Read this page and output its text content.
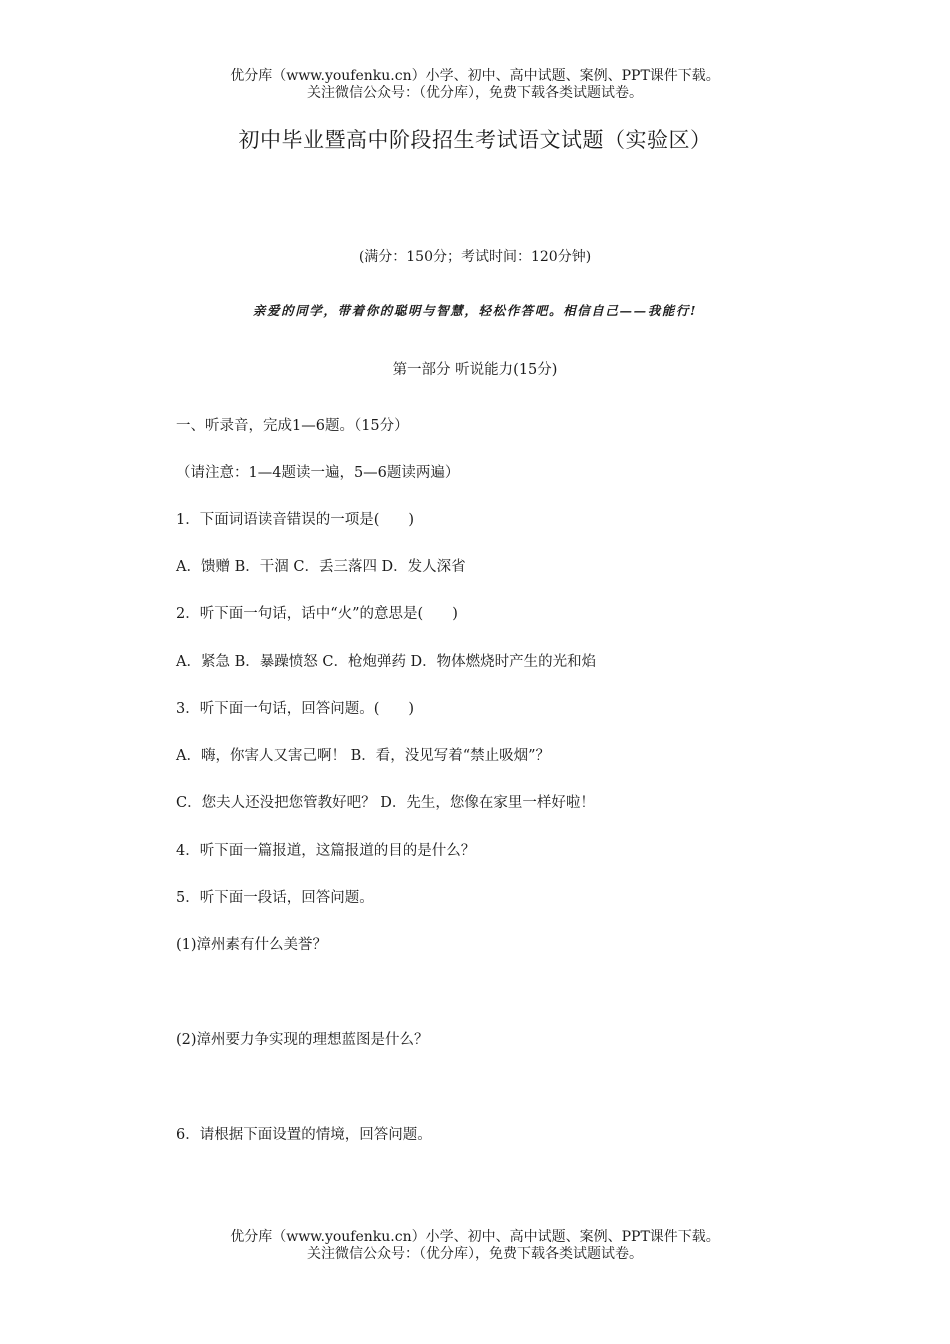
优分库（www.youfenku.cn）小学、初中、高中试题、案例、PPT课件下载。
关注微信公众号：（优分库），免费下载各类试题试卷。
初中毕业暨高中阶段招生考试语文试题（实验区）
(满分：150分；考试时间：120分钟)
亲爱的同学，带着你的聪明与智慧，轻松作答吧。相信自己——我能行!
第一部分 听说能力(15分)
一、听录音，完成1—6题。（15分）
（请注意：1—4题读一遍，5—6题读两遍）
1．下面词语读音错误的一项是(　　)
A．馈赠 B．干涸 C．丢三落四 D．发人深省
2．听下面一句话，话中“火”的意思是(　　)
A．紧急 B．暴躁愤怒 C．枪炮弹药 D．物体燃烧时产生的光和焰
3．听下面一句话，回答问题。(　　)
A．嗨，你害人又害己啊！ B．看，没见写着“禁止吸烟”？
C．您夫人还没把您管教好吧？ D．先生，您像在家里一样好啦！
4．听下面一篇报道，这篇报道的目的是什么？
5．听下面一段话，回答问题。
(1)漳州素有什么美誉？
(2)漳州要力争实现的理想蓝图是什么？
6．请根据下面设置的情境，回答问题。
优分库（www.youfenku.cn）小学、初中、高中试题、案例、PPT课件下载。
关注微信公众号：（优分库），免费下载各类试题试卷。
